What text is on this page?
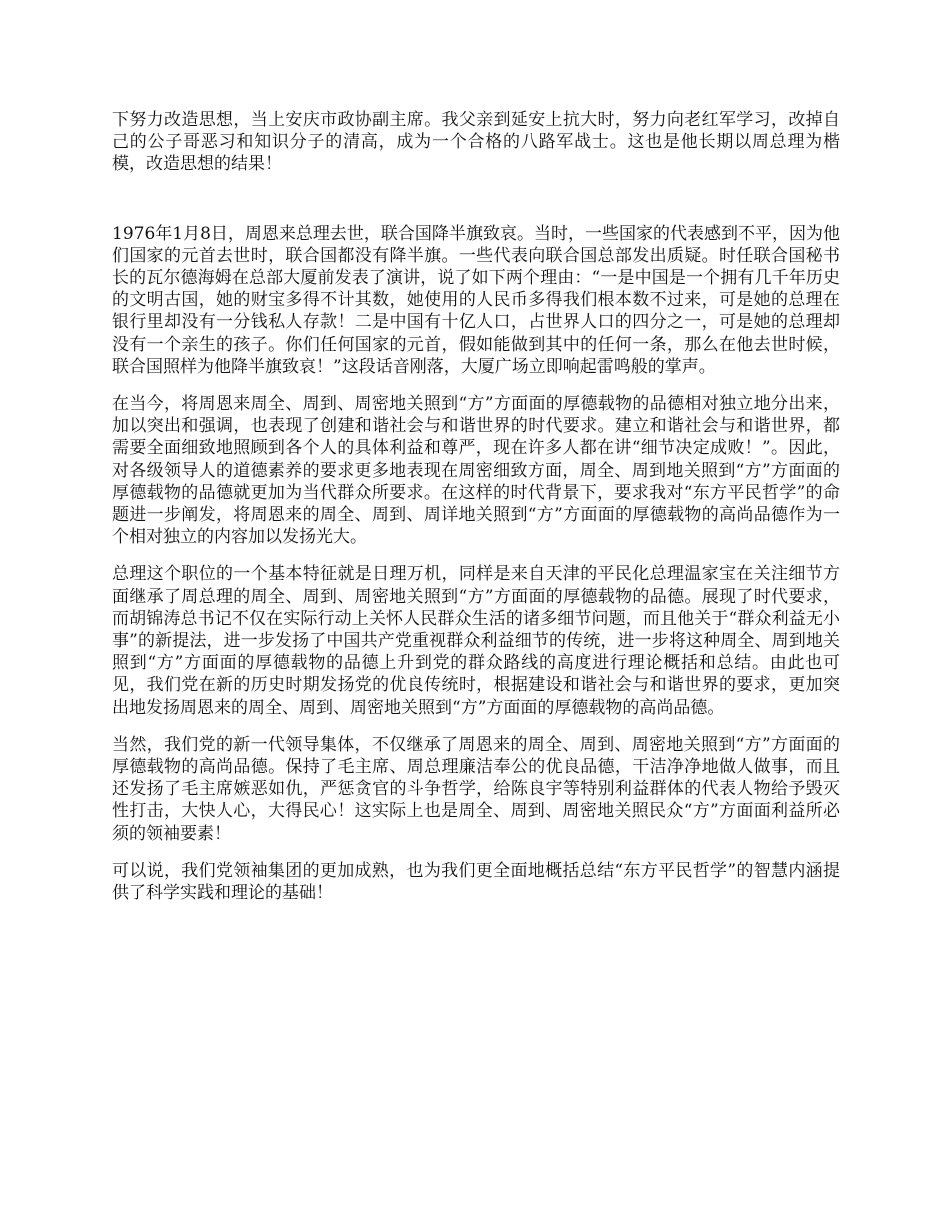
下努力改造思想，当上安庆市政协副主席。我父亲到延安上抗大时，努力向老红军学习，改掉自己的公子哥恶习和知识分子的清高，成为一个合格的八路军战士。这也是他长期以周总理为楷模，改造思想的结果！

1976年1月8日，周恩来总理去世，联合国降半旗致哀。当时，一些国家的代表感到不平，因为他们国家的元首去世时，联合国都没有降半旗。一些代表向联合国总部发出质疑。时任联合国秘书长的瓦尔德海姆在总部大厦前发表了演讲，说了如下两个理由：“一是中国是一个拥有几千年历史的文明古国，她的财宝多得不计其数，她使用的人民币多得我们根本数不过来，可是她的总理在银行里却没有一分钱私人存款！二是中国有十亿人口，占世界人口的四分之一，可是她的总理却没有一个亲生的孩子。你们任何国家的元首，假如能做到其中的任何一条，那么在他去世时候，联合国照样为他降半旗致哀！”这段话音刚落，大厦广场立即响起雷鸣般的掌声。

在当今，将周恩来周全、周到、周密地关照到“方”方面面的厚德载物的品德相对独立地分出来，加以突出和强调，也表现了创建和谐社会与和谐世界的时代要求。建立和谐社会与和谐世界，都需要全面细致地照顾到各个人的具体利益和尊严，现在许多人都在讲“细节决定成败！”。因此，对各级领导人的道德素养的要求更多地表现在周密细致方面，周全、周到地关照到“方”方面面的厚德载物的品德就更加为当代群众所要求。在这样的时代背景下，要求我对“东方平民哲学”的命题进一步阐发，将周恩来的周全、周到、周详地关照到“方”方面面的厚德载物的高尚品德作为一个相对独立的内容加以发扬光大。

总理这个职位的一个基本特征就是日理万机，同样是来自天津的平民化总理温家宝在关注细节方面继承了周总理的周全、周到、周密地关照到“方”方面面的厚德载物的品德。展现了时代要求，而胡锦涛总书记不仅在实际行动上关怀人民群众生活的诸多细节问题，而且他关于“群众利益无小事”的新提法，进一步发扬了中国共产党重视群众利益细节的传统，进一步将这种周全、周到地关照到“方”方面面的厚德载物的品德上升到党的群众路线的高度进行理论概括和总结。由此也可见，我们党在新的历史时期发扬党的优良传统时，根据建设和谐社会与和谐世界的要求，更加突出地发扬周恩来的周全、周到、周密地关照到“方”方面面的厚德载物的高尚品德。

当然，我们党的新一代领导集体，不仅继承了周恩来的周全、周到、周密地关照到“方”方面面的厚德载物的高尚品德。保持了毛主席、周总理廉洁奉公的优良品德，干洁净净地做人做事，而且还发扬了毛主席嫉恶如仇，严惩贪官的斗争哲学，给陈良宇等特别利益群体的代表人物给予毁灭性打击，大快人心，大得民心！这实际上也是周全、周到、周密地关照民众“方”方面面利益所必须的领袖要素！

可以说，我们党领袖集团的更加成熟，也为我们更全面地概括总结“东方平民哲学”的智慧内涵提供了科学实践和理论的基础！
